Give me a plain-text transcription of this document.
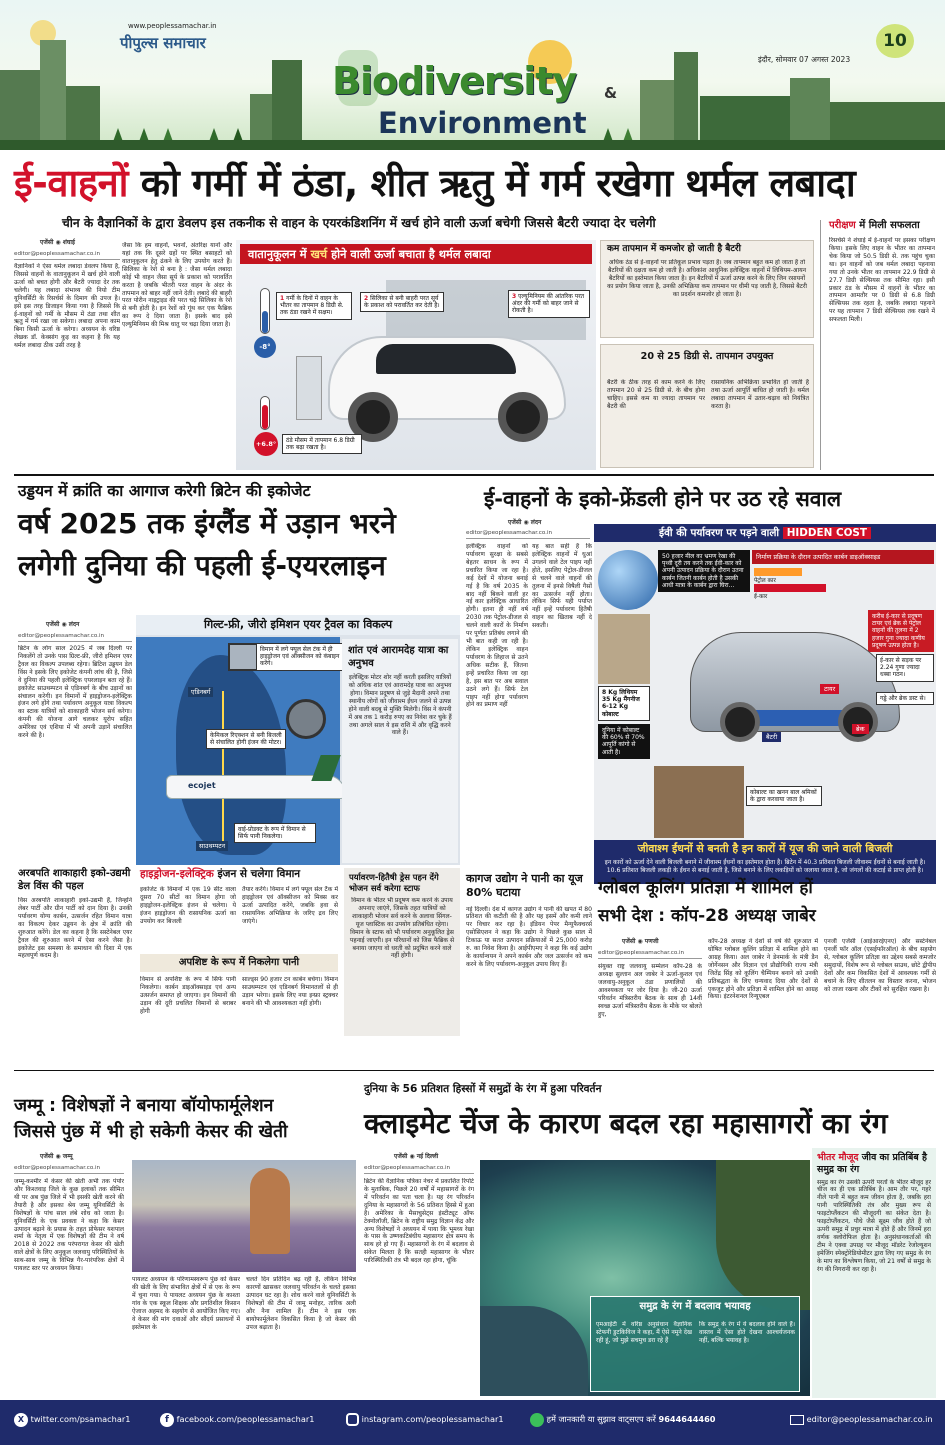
www.peoplessamachar.in
पीपुल्स समाचार
Biodiversity &
Environment
इंदौर, सोमवार 07 अगस्त 2023
10
ई-वाहनों को गर्मी में ठंडा, शीत ऋतु में गर्म रखेगा थर्मल लबादा
चीन के वैज्ञानिकों के द्वारा डेवलप इस तकनीक से वाहन के एयरकंडिशनिंग में खर्च होने वाली ऊर्जा बचेगी जिससे बैटरी ज्यादा देर चलेगी
एजेंसी ◉ शंघाई
editor@peoplessamachar.co.in
वैज्ञानिकों ने ऐसा थर्मल लबादा डेवलप किया है, जिससे वाहनों के वातानुकूलन में खर्च होने वाली ऊर्जा को बचत होगी और बैटरी ज्यादा देर तक चलेगी। यह लबादा संभाव्य की नियो टीम यूनिवर्सिटी के रिसर्चर्स के दिमाग की उपज है। इसे इस तरह डिजाइन किया गया है जिससे कि ई-वाहनों को गर्मी के मौसम में ठंडा तथा शीत ऋतु में गर्म रखा जा सकेगा। लबादा अपना काम बिना किसी ऊर्जा के करेगा। अध्ययन के वरिष्ठ लेखक डॉ. केक्सांग कुइ का कहना है कि यह थर्मल लबादा ठीक उसी तरह है
जैसा कि हम वाहनों, भवनों, अंतरिक्ष यानों और यहां तक कि दूसरे ग्रहों पर स्थित बसाहटों को वातानुकूलन हेतु ढंकने के लिए उपयोग करते हैं। सिलिका के रेशे से बना है : जैसा थर्मल लबादा कोई भी वाहन जैसा सूर्य के प्रकाश को परावर्तित करता है जबकि भीतरी परत वाहन के अंदर के तापमान को बाहर नहीं जाने देती। लबादे की बाहरी परत पोरीन नाइट्राइड की परत चढ़े सिलिका के रेशे से बनी होती है। इन रेशों को गूंथ कर एक फैब्रिक का रूप दे दिया जाता है। इसके बाद इसे एल्युमिनियम की मिश्र धातु पर चढ़ा दिया जाता है।
वातानुकूलन में खर्च होने वाली ऊर्जा बचाता है थर्मल लबादा
-8°
+6.8°
1 गर्मी के दिनों में वाहन के भीतर का तापमान 8 डिग्री से. तक ठंडा रखने में सक्षम।
2 सिलिका से बनी बाहरी परत सूर्य के प्रकाश को परावर्तित कर देती है।
3 एल्युमिनियम की आंतरिक परत अंदर की गर्मी को बाहर जाने से रोकती है।
ठंडे मौसम में तापमान 6.8 डिग्री तक बढ़ा रखता है।
कम तापमान में कमजोर हो जाती है बैटरी
अधिक ठंड से ई-वाहनों पर प्रतिकूल प्रभाव पड़ता है। जब तापमान बहुत कम हो जाता है तो बैटरियों की दक्षता कम हो जाती है। अधिकांश आधुनिक इलेक्ट्रिक वाहनों में लिथियम-आयन बैटरियों का इस्तेमाल किया जाता है। इन बैटरियों में ऊर्जा उत्पन्न करने के लिए जिन रसायनों का प्रयोग किया जाता है, उनकी अभिक्रिया कम तापमान पर धीमी पड़ जाती है, जिससे बैटरी का प्रदर्शन कमजोर हो जाता है।
20 से 25 डिग्री से. तापमान उपयुक्त
बैटरी के ठीक तरह से काम करने के लिए तापमान 20 से 25 डिग्री से. के बीच होना चाहिए। इससे कम या ज्यादा तापमान पर बैटरी की
रासायनिक अभिक्रिया प्रभावित हो जाती है तथा ऊर्जा आपूर्ति बाधित हो जाती है। थर्मल लबादा तापमान में उतार-चढ़ाव को नियंत्रित करता है।
परीक्षण में मिली सफलता
रिसर्चर्स ने शंघाई में ई-वाहनों पर इसका परीक्षण किया। इसके लिए वाहन के भीतर का तापमान चेक किया जो 50.5 डिग्री से. तक पहुंच चुका था। इन वाहनों को जब थर्मल लबादा पहनाया गया तो उनके भीतर का तापमान 22.9 डिग्री से 27.7 डिग्री सेल्सियस तक सीमित रहा। इसी प्रकार ठंड के मौसम में वाहनों के भीतर का तापमान आमतौर पर 0 डिग्री से 6.8 डिग्री सेल्सियस तक रहता है, जबकि लबादा पहनाने पर यह तापमान 7 डिग्री सेल्सियस तक रखने में सफलता मिली।
उड्डयन में क्रांति का आगाज करेगी ब्रिटेन की इकोजेट
वर्ष 2025 तक इंग्लैंड में उड़ान भरने
लगेगी दुनिया की पहली ई-एयरलाइन
एजेंसी ◉ लंदन
editor@peoplessamachar.co.in
ब्रिटेन के लोग साल 2025 में जब दिल्ली पर निकलेंगे तो उनके पास ग्रिल्ट-फ्री, जीरो इमिशन एयर ट्रैवल का विकल्प उपलब्ध रहेगा। ब्रिटिश उड्डयन डेल विंस ने इसके लिए इकोजेट कंपनी लांच की है, जिसे वे दुनिया की पहली इलेक्ट्रिक एयरलाइन बता रहे हैं। इकोजेट साउथम्पटन से एडिनबर्ग के बीच उड़ानों का संचालन करेगी। इन विमानों में हाइड्रोजन-इलेक्ट्रिक इंजन लगे होंगे तथा पर्यावरण अनुकूल यात्रा विकल्प का स्टाक यात्रियों को शाकाहारी भोजन सर्व करेगा। कंपनी की योजना आगे चलकर यूरोप सहित अमेरिका एवं एशिया में भी अपनी उड़ानें संचालित करने की है।
गिल्ट-फ्री, जीरो इमिशन एयर ट्रैवल का विकल्प
एडिनबर्ग
साउथम्पटन
ecojet
विमान में लगे फ्यूल सेल टंक में ही हाइड्रोजन एवं ऑक्सीजन को कंबाइन करेंगे।
केमिकल रिएक्शन से बनी बिजली से संचालित होगी इंजन की मोटर।
वाई-प्रोडक्ट के रूप में विमान से सिर्फ पानी निकलेगा।
शांत एवं आरामदेह यात्रा का अनुभव
इलेक्ट्रिक मोटर शोर नहीं करती इसलिए यात्रियों को अधिक शांत एवं आरामदेह यात्रा का अनुभव होगा। विमान प्रदूषण से जुड़े मैदानी अपने तथा स्थानीय लोगों को जीवाश्म ईंधन जलने से उत्पन्न होने वाली बदबू से मुक्ति मिलेगी। विंस ने कंपनी में अब तक 1 करोड़ रुपए का निवेश कर चुके हैं तथा अगले साल ये इस राशि में और वृद्धि करने वाले हैं।
अरबपति शाकाहारी इको-उद्यमी डेल विंस की पहल
विंस अरबपति शाकाहारी इको-उद्यमी हैं, जिन्होंने लेबर पार्टी और ग्रीन पार्टी को दान दिया है। उनकी पर्यावरण योग्य कार्बन, उत्सर्जन रहित विमान यात्रा का विकल्प देकर उड्डयन के क्षेत्र में क्रांति की शुरुआत करेंगे। डेल का कहना है कि सस्टेनेबल एयर ट्रैवल की शुरुआत करने में ऐसा करने जैसा है। इकोजेट इस समस्या के समाधान की दिशा में एक महत्वपूर्ण कदम है।
हाइड्रोजन-इलेक्ट्रिक इंजन से चलेगा विमान
इकोजेट के विमानों में एक 19 सीट वाला दूसरा 70 सीटों का विमान होगा जो हाइड्रोजन-इलेक्ट्रिक इंजन से चलेगा। ये इंजन हाइड्रोजन की रासायनिक ऊर्जा का उपयोग कर बिजली
तैयार करेंगे। विमान में लगे फ्यूल सेल टैंक में हाइड्रोजन एवं ऑक्सीजन को मिक्स कर ऊर्जा उत्पादित करेंगे, जबकि हवा से रासायनिक अभिक्रिया के जरिए द्रव लिए जाएंगे।
अपशिष्ट के रूप में निकलेगा पानी
विमान से अपशिष्ट के रूप में सिर्फ पानी निकलेगा। कार्बन डाइऑक्साइड एवं अन्य उत्सर्जन समाप्त हो जाएगा। इन विमानों की उड़ान की दूरी प्रचलित विमानों से बराबर होगी
साल्ड्स 90 हजार टन कार्बन बचेगा। विमान साउथम्पटन एवं एडिनबर्ग विमानतलों से ही उड़ान भरेगा। इसके लिए नया इन्फ्रा स्ट्रक्चर बनाने की भी आवश्यकता नहीं होगी।
पर्यावरण-हितैषी ड्रेस पहन देंगे भोजन सर्व करेगा स्टाफ
विमान के भीतर भी प्रदूषण कम करने के उपाय अपनाए जाएंगे, जिसके तहत यात्रियों को शाकाहारी भोजन सर्व करने के अलावा सिंगल-यूज प्लास्टिक का उपयोग प्रतिबंधित रहेगा। विमान के स्टाफ को भी पर्यावरण अनुकूलित ड्रेस पहनाई जाएगी। इन परिधानों को जिस फैब्रिक से बनाया जाएगा वो धरती को प्रदूषित करने वाले नहीं होगी।
ई-वाहनों के इको-फ्रेंडली होने पर उठ रहे सवाल
एजेंसी ◉ लंदन
editor@peoplessamachar.co.in
इलेक्ट्रिक वाहनों को पर्यावरण सुरक्षा के सबसे बेहतर साधन के रूप में प्रचारित किया जा रहा है। कई देशों में योजना बनाई गई है कि वर्ष 2035 के बाद नहीं बिकने वाली हर नई कार इलेक्ट्रिक आधारित होगी। इतना ही नहीं वर्ष 2030 तक पेट्रोल-डीजल से चलने वाली कारों के निर्माण पर पूर्णतः प्रतिबंध लगाने की भी बात कही जा रही है। लेकिन इलेक्ट्रिक वाहन पर्यावरण के लिहाज से उतने अधिक सटीक हैं, जितना इन्हें प्रचारित किया जा रहा है, इस बात पर अब सवाल उठने लगे हैं। सिर्फ टेल पाइप नहीं होगा पर्यावरण होने का प्रमाण नहीं
यह बात सही है कि इलेक्ट्रिक वाहनों में धुआं उगलने वाले टेल पाइप नहीं होते, इसलिए पेट्रोल-डीजल से चलने वाले वाहनों की तुलना में इनसे विषैली गैसों का उत्सर्जन नहीं होता। लेकिन सिर्फ यही पर्याप्त नहीं इन्हें पर्यावरण हितैषी वाहन का खिताब नहीं दे सकती।
ईवी की पर्यावरण पर पड़ने वाली HIDDEN COST
50 हजार मील का भ्रमण रेखा की पृथ्वी दूरी तय करने तक ईवी-कार को अपनी उत्पादन प्रक्रिया के दौरान उतना कार्बन जितनी कार्बन होती है उसकी आधी मात्रा के कार्बन द्वारा घिरा...
निर्माण प्रक्रिया के दौरान उत्पादित कार्बन डाइऑक्साइड
पेट्रोल कार
ई-कार
करीब ई-कार से प्रदूषण टायर एवं ब्रेक से पेट्रोल वाहनों की तुलना में 2 हजार गुना ज्यादा कणीय प्रदूषण उत्पन्न होता है।
8 Kg लिथियम
35 Kg मैंगनीज
6-12 Kg कोबाल्ट
दुनिया में कोबाल्ट की 60% से 70% आपूर्ति कांगो से आती है।
बैटरी
टायर
ब्रेक
ई-कार से सड़क पर 2.24 गुणा ज्यादा धब्बा गठन।
गड्ढे और ब्रेक डस्ट से।
कोबाल्ट का खनन बाल श्रमिकों के द्वारा करवाया जाता है।
जीवाश्म ईंधनों से बनती है इन कारों में यूज की जाने वाली बिजली
इन कारों को ऊर्जा देने वाली बिजली बनाने में जीवाश्म ईंधनों का इस्तेमाल होता है। ब्रिटेन में 40.3 प्रतिशत बिजली जीवाश्म ईंधनों से बनाई जाती है। 10.6 प्रतिशत बिजली लकड़ी के ईंधन से बनाई जाती है, जिसे बनाने के लिए लकड़ियों को जलाया जाता है, जो जंगलों की कटाई से प्राप्त होती है।
कागज उद्योग ने पानी का यूज 80% घटाया
नई दिल्ली। देश में कागज उद्योग ने पानी की खपत में 80 प्रतिशत की कटौती की है और यह इसमें और कमी लाने पर विचार कर रहा है। इंडियन पेपर मैन्युफैक्चरर्स एसोसिएशन ने कहा कि उद्योग ने पिछले कुछ साल में टिकाऊ या सतत उत्पादन प्रक्रियाओं में 25,000 करोड़ रु. का निवेश किया है। आईपीएमए ने कहा कि कई उद्योग के कार्यान्वयन ने अपने कार्बन और जल उत्सर्जन को कम करने के लिए पर्यावरण-अनुकूल उपाय किए हैं।
ग्लोबल कूलिंग प्रतिज्ञा में शामिल हों
सभी देश : कॉप-28 अध्यक्ष जाबेर
एजेंसी ◉ पणजी
editor@peoplessamachar.co.in
संयुक्त राष्ट्र जलवायु सम्मेलन कॉप-28 के अध्यक्ष सुल्तान अल जाबेर ने ऊर्जा-कुशल एवं जलवायु-अनुकूल ठंडा प्रणालियों की आवश्यकता पर जोर दिया है। जी-20 ऊर्जा परिवर्तन मंत्रिस्तरीय बैठक के साथ ही 14वीं स्वच्छ ऊर्जा मंत्रिस्तरीय बैठक के मौके पर बोलते हुए,
कॉप-28 अध्यक्ष ने देशों से वर्ष की शुरुआत में घोषित ग्लोबल कूलिंग प्रतिज्ञा में शामिल होने का आग्रह किया। अल जाबेर ने डेनमार्क के मंत्री डैन जोर्गेनसन और विज्ञान एवं प्रौद्योगिकी राज्य मंत्री जितेंद्र सिंह को कूलिंग चैम्पियन बनाने को उनकी प्रतिबद्धता के लिए धन्यवाद दिया और देशों से एकजुट होने और प्रतिज्ञा में शामिल होने का आग्रह किया। इंटरनेशनल रिन्यूएबल
एनर्जी एजेंसी (आईआरईएनए) और सस्टेनेबल एनर्जी फॉर ऑल (एसईफॉरऑल) के बीच सहयोग से, ग्लोबल कूलिंग प्रतिज्ञा का उद्देश्य सबसे कमजोर समुदायों, विशेष रूप से ग्लोबल साउथ, छोटे द्वीपीय देशों और कम विकसित देशों में आवश्यक गर्मी से बचाने के लिए शीतलन का विस्तार करना, भोजन को ताजा रखना और टीकों को सुरक्षित रखना है।
जम्मू : विशेषज्ञों ने बनाया बॉयोफार्मूलेशन
जिससे पुंछ में भी हो सकेगी केसर की खेती
एजेंसी ◉ जम्मू
editor@peoplessamachar.co.in
जम्मू-कश्मीर में केसर की खेती अभी तक पंपोर और किश्तवाड़ जिले के कुछ इलाकों तक सीमित थी पर अब पुंछ जिले में भी इसकी खेती करने की तैयारी है और इसका श्रेय जम्मू यूनिवर्सिटी के विशेषज्ञों के पांच साल लंबे शोध को जाता है। यूनिवर्सिटी के एक प्रवक्ता ने कहा कि केसर उत्पादन बढ़ाने के प्रयास के तहत प्रोफेसर यशपाल शर्मा के नेतृत्व में एक विशेषज्ञों की टीम ने वर्ष 2018 से 2022 तक परंपरागत केसर की खेती वाले क्षेत्रों के लिए अनुकूल जलवायु परिस्थितियों के साथ-साथ जम्मू के विभिन्न गैर-पारंपरिक क्षेत्रों में पायलट स्तर पर अध्ययन किया।
पायलट अध्ययन के परिणामस्वरूप पुंछ को केसर की खेती के लिए संभावित क्षेत्रों में से एक के रूप में चुना गया। ये पायलट अध्ययन पुंछ के काश्ता गांव के एक स्कूल शिक्षक और प्रगतिशील किसान ऐजाज अहमद के सहयोग से आयोजित किए गए। वे केसर की मांग दवाओं और सौंदर्य प्रसाधनों में इस्तेमाल के
चलते दिन प्रतिदिन बढ़ रही है, लेकिन विभिन्न कारणों खासकर जलवायु परिवर्तन के चलते इसका उत्पादन घट रहा है। शोध करने वाले यूनिवर्सिटी के विशेषज्ञों की टीम में जामू मनोहर, तारिक अली और नैना शामिल हैं। टीम ने इस एक बायोफार्मूलेशन विकसित किया है जो केसर की उपज बढ़ाता है।
दुनिया के 56 प्रतिशत हिस्सों में समुद्रों के रंग में हुआ परिवर्तन
क्लाइमेट चेंज के कारण बदल रहा महासागरों का रंग
एजेंसी ◉ नई दिल्ली
editor@peoplessamachar.co.in
ब्रिटेन की वैज्ञानिक पत्रिका नेचर में प्रकाशित रिपोर्ट के मुताबिक, पिछले 20 वर्षों में महासागरों के रंग में परिवर्तन का पता चला है। यह रंग परिवर्तन दुनिया के महासागरों के 56 प्रतिशत हिस्से में हुआ है। अमेरिका के मैसाचुसेट्स इंस्टीट्यूट ऑफ टेक्नोलॉजी, ब्रिटेन के राष्ट्रीय समुद्र विज्ञान केंद्र और अन्य विशेषज्ञों ने अध्ययन में पाया कि भूमध्य रेखा के पास के उष्णकटिबंधीय महासागर क्षेत्र समय के साथ हरे हो गए हैं। महासागरों के रंग में बदलाव से संकेत मिलता है कि सतही महासागर के भीतर पारिस्थितिकी तंत्र भी बदल रहा होगा, चूंकि
समुद्र के रंग में बदलाव भयावह
एमआईटी में वरिष्ठ अनुसंधान वैज्ञानिक स्टेफनी डुटकिविज ने कहा, मैं ऐसे नमूने देख रही हूं, जो मुझे सचमुच डरा रहे हैं
कि समुद्र के रंग में ये बदलाव होने वाले हैं। वास्तव में ऐसा होते देखना आश्चर्यजनक नहीं, बल्कि भयावह है।
भीतर मौजूद जीव का प्रतिबिंब है समुद्र का रंग
समुद्र का रंग उसकी ऊपरी परतों के भीतर मौजूद हर चीज का ही एक प्रतिबिंब है। आम तौर पर, गहरे नीले पानी में बहुत कम जीवन होता है, जबकि हरा पानी पारिस्थितिकी तंत्र और मुख्य रूप से फाइटोप्लैंकटन की मौजूदगी का संकेत देता है। फाइटोप्लैंकटन, पौधे जैसे सूक्ष्म जीव होते हैं जो ऊपरी समुद्र में प्रचुर मात्रा में होते हैं और जिनमें हरा वर्णक क्लोरोफिल होता है। अनुसंधानकर्ताओं की टीम ने एक्वा उपग्रह पर मौजूद मॉडरेट रेजोल्यूशन इमेजिंग स्पेक्ट्रोरेडियोमीटर द्वारा लिए गए समुद्र के रंग के माप का विश्लेषण किया, जो 21 वर्षों से समुद्र के रंग की निगरानी कर रहा है।
X twitter.com/psamachar1	f facebook.com/peoplessamachar1	instagram.com/peoplessamachar1	हमें जानकारी या सुझाव वाट्सएप करें 9644644460	editor@peoplessamachar.co.in
